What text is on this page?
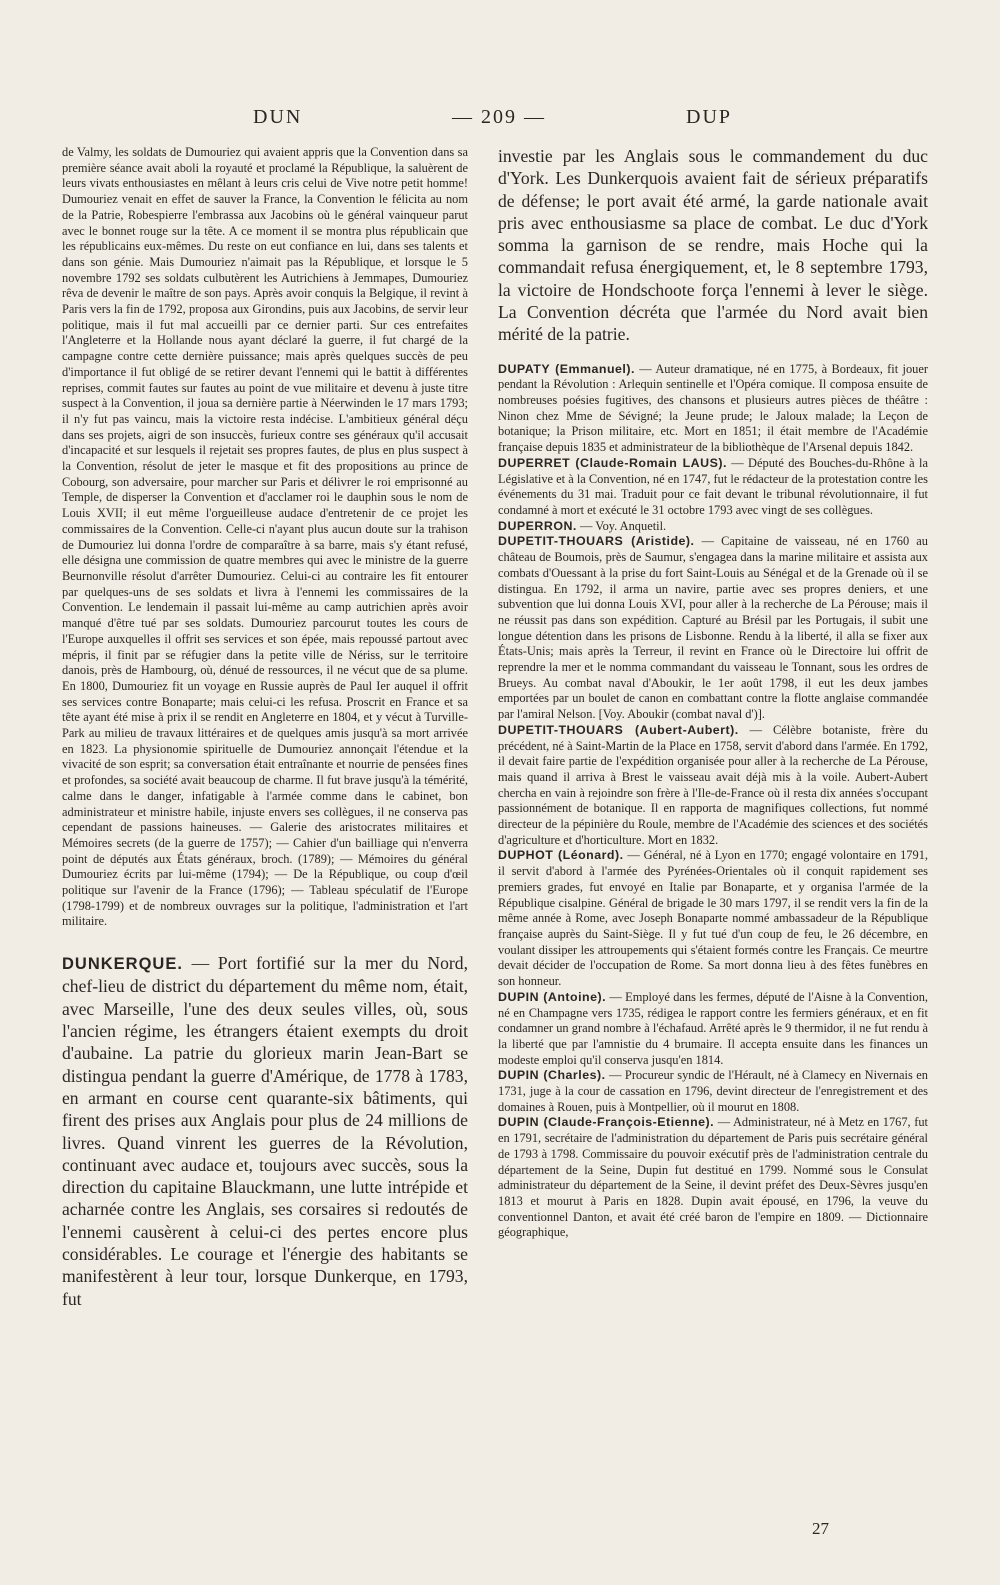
DUN	— 209 —	DUP

de Valmy, les soldats de Dumouriez qui avaient appris que la Convention dans sa première séance avait aboli la royauté et proclamé la République, la saluèrent de leurs vivats enthousiastes en mêlant à leurs cris celui de Vive notre petit homme! Dumouriez venait en effet de sauver la France, la Convention le félicita au nom de la Patrie, Robespierre l'embrassa aux Jacobins où le général vainqueur parut avec le bonnet rouge sur la tête. A ce moment il se montra plus républicain que les républicains eux-mêmes. Du reste on eut confiance en lui, dans ses talents et dans son génie. Mais Dumouriez n'aimait pas la République, et lorsque le 5 novembre 1792 ses soldats culbutèrent les Autrichiens à Jemmapes, Dumouriez rêva de devenir le maître de son pays. Après avoir conquis la Belgique, il revint à Paris vers la fin de 1792, proposa aux Girondins, puis aux Jacobins, de servir leur politique, mais il fut mal accueilli par ce dernier parti. Sur ces entrefaites l'Angleterre et la Hollande nous ayant déclaré la guerre, il fut chargé de la campagne contre cette dernière puissance; mais après quelques succès de peu d'importance il fut obligé de se retirer devant l'ennemi qui le battit à différentes reprises, commit fautes sur fautes au point de vue militaire et devenu à juste titre suspect à la Convention, il joua sa dernière partie à Néerwinden le 17 mars 1793; il n'y fut pas vaincu, mais la victoire resta indécise. L'ambitieux général déçu dans ses projets, aigri de son insuccès, furieux contre ses généraux qu'il accusait d'incapacité et sur lesquels il rejetait ses propres fautes, de plus en plus suspect à la Convention, résolut de jeter le masque et fit des propositions au prince de Cobourg, son adversaire, pour marcher sur Paris et délivrer le roi emprisonné au Temple, de disperser la Convention et d'acclamer roi le dauphin sous le nom de Louis XVII; il eut même l'orgueilleuse audace d'entretenir de ce projet les commissaires de la Convention. Celle-ci n'ayant plus aucun doute sur la trahison de Dumouriez lui donna l'ordre de comparaître à sa barre, mais s'y étant refusé, elle désigna une commission de quatre membres qui avec le ministre de la guerre Beurnonville résolut d'arrêter Dumouriez. Celui-ci au contraire les fit entourer par quelques-uns de ses soldats et livra à l'ennemi les commissaires de la Convention. Le lendemain il passait lui-même au camp autrichien après avoir manqué d'être tué par ses soldats. Dumouriez parcourut toutes les cours de l'Europe auxquelles il offrit ses services et son épée, mais repoussé partout avec mépris, il finit par se réfugier dans la petite ville de Nériss, sur le territoire danois, près de Hambourg, où, dénué de ressources, il ne vécut que de sa plume. En 1800, Dumouriez fit un voyage en Russie auprès de Paul Ier auquel il offrit ses services contre Bonaparte; mais celui-ci les refusa. Proscrit en France et sa tête ayant été mise à prix il se rendit en Angleterre en 1804, et y vécut à Turville-Park au milieu de travaux littéraires et de quelques amis jusqu'à sa mort arrivée en 1823. La physionomie spirituelle de Dumouriez annonçait l'étendue et la vivacité de son esprit; sa conversation était entraînante et nourrie de pensées fines et profondes, sa société avait beaucoup de charme. Il fut brave jusqu'à la témérité, calme dans le danger, infatigable à l'armée comme dans le cabinet, bon administrateur et ministre habile, injuste envers ses collègues, il ne conserva pas cependant de passions haineuses. — Galerie des aristocrates militaires et Mémoires secrets (de la guerre de 1757); — Cahier d'un bailliage qui n'enverra point de députés aux États généraux, broch. (1789); — Mémoires du général Dumouriez écrits par lui-même (1794); — De la République, ou coup d'œil politique sur l'avenir de la France (1796); — Tableau spéculatif de l'Europe (1798-1799) et de nombreux ouvrages sur la politique, l'administration et l'art militaire.

DUNKERQUE. — Port fortifié sur la mer du Nord, chef-lieu de district du département du même nom, était, avec Marseille, l'une des deux seules villes, où, sous l'ancien régime, les étrangers étaient exempts du droit d'aubaine. La patrie du glorieux marin Jean-Bart se distingua pendant la guerre d'Amérique, de 1778 à 1783, en armant en course cent quarante-six bâtiments, qui firent des prises aux Anglais pour plus de 24 millions de livres. Quand vinrent les guerres de la Révolution, continuant avec audace et, toujours avec succès, sous la direction du capitaine Blauckmann, une lutte intrépide et acharnée contre les Anglais, ses corsaires si redoutés de l'ennemi causèrent à celui-ci des pertes encore plus considérables. Le courage et l'énergie des habitants se manifestèrent à leur tour, lorsque Dunkerque, en 1793, fut

investie par les Anglais sous le commandement du duc d'York. Les Dunkerquois avaient fait de sérieux préparatifs de défense; le port avait été armé, la garde nationale avait pris avec enthousiasme sa place de combat. Le duc d'York somma la garnison de se rendre, mais Hoche qui la commandait refusa énergiquement, et, le 8 septembre 1793, la victoire de Hondschoote força l'ennemi à lever le siège. La Convention décréta que l'armée du Nord avait bien mérité de la patrie.

DUPATY (Emmanuel). — Auteur dramatique, né en 1775, à Bordeaux, fit jouer pendant la Révolution : Arlequin sentinelle et l'Opéra comique. Il composa ensuite de nombreuses poésies fugitives, des chansons et plusieurs autres pièces de théâtre : Ninon chez Mme de Sévigné; la Jeune prude; le Jaloux malade; la Leçon de botanique; la Prison militaire, etc. Mort en 1851; il était membre de l'Académie française depuis 1835 et administrateur de la bibliothèque de l'Arsenal depuis 1842.

DUPERRET (Claude-Romain LAUS). — Député des Bouches-du-Rhône à la Législative et à la Convention, né en 1747, fut le rédacteur de la protestation contre les événements du 31 mai. Traduit pour ce fait devant le tribunal révolutionnaire, il fut condamné à mort et exécuté le 31 octobre 1793 avec vingt de ses collègues.

DUPERRON. — Voy. Anquetil.

DUPETIT-THOUARS (Aristide). — Capitaine de vaisseau, né en 1760 au château de Boumois, près de Saumur, s'engagea dans la marine militaire et assista aux combats d'Ouessant à la prise du fort Saint-Louis au Sénégal et de la Grenade où il se distingua. En 1792, il arma un navire, partie avec ses propres deniers, et une subvention que lui donna Louis XVI, pour aller à la recherche de La Pérouse; mais il ne réussit pas dans son expédition. Capturé au Brésil par les Portugais, il subit une longue détention dans les prisons de Lisbonne. Rendu à la liberté, il alla se fixer aux États-Unis; mais après la Terreur, il revint en France où le Directoire lui offrit de reprendre la mer et le nomma commandant du vaisseau le Tonnant, sous les ordres de Brueys. Au combat naval d'Aboukir, le 1er août 1798, il eut les deux jambes emportées par un boulet de canon en combattant contre la flotte anglaise commandée par l'amiral Nelson. [Voy. Aboukir (combat naval d')].

DUPETIT-THOUARS (Aubert-Aubert). — Célèbre botaniste, frère du précédent, né à Saint-Martin de la Place en 1758, servit d'abord dans l'armée. En 1792, il devait faire partie de l'expédition organisée pour aller à la recherche de La Pérouse, mais quand il arriva à Brest le vaisseau avait déjà mis à la voile. Aubert-Aubert chercha en vain à rejoindre son frère à l'Ile-de-France où il resta dix années s'occupant passionnément de botanique. Il en rapporta de magnifiques collections, fut nommé directeur de la pépinière du Roule, membre de l'Académie des sciences et des sociétés d'agriculture et d'horticulture. Mort en 1832.

DUPHOT (Léonard). — Général, né à Lyon en 1770; engagé volontaire en 1791, il servit d'abord à l'armée des Pyrénées-Orientales où il conquit rapidement ses premiers grades, fut envoyé en Italie par Bonaparte, et y organisa l'armée de la République cisalpine. Général de brigade le 30 mars 1797, il se rendit vers la fin de la même année à Rome, avec Joseph Bonaparte nommé ambassadeur de la République française auprès du Saint-Siège. Il y fut tué d'un coup de feu, le 26 décembre, en voulant dissiper les attroupements qui s'étaient formés contre les Français. Ce meurtre devait décider de l'occupation de Rome. Sa mort donna lieu à des fêtes funèbres en son honneur.

DUPIN (Antoine). — Employé dans les fermes, député de l'Aisne à la Convention, né en Champagne vers 1735, rédigea le rapport contre les fermiers généraux, et en fit condamner un grand nombre à l'échafaud. Arrêté après le 9 thermidor, il ne fut rendu à la liberté que par l'amnistie du 4 brumaire. Il accepta ensuite dans les finances un modeste emploi qu'il conserva jusqu'en 1814.

DUPIN (Charles). — Procureur syndic de l'Hérault, né à Clamecy en Nivernais en 1731, juge à la cour de cassation en 1796, devint directeur de l'enregistrement et des domaines à Rouen, puis à Montpellier, où il mourut en 1808.

DUPIN (Claude-François-Etienne). — Administrateur, né à Metz en 1767, fut en 1791, secrétaire de l'administration du département de Paris puis secrétaire général de 1793 à 1798. Commissaire du pouvoir exécutif près de l'administration centrale du département de la Seine, Dupin fut destitué en 1799. Nommé sous le Consulat administrateur du département de la Seine, il devint préfet des Deux-Sèvres jusqu'en 1813 et mourut à Paris en 1828. Dupin avait épousé, en 1796, la veuve du conventionnel Danton, et avait été créé baron de l'empire en 1809. — Dictionnaire géographique,

27
